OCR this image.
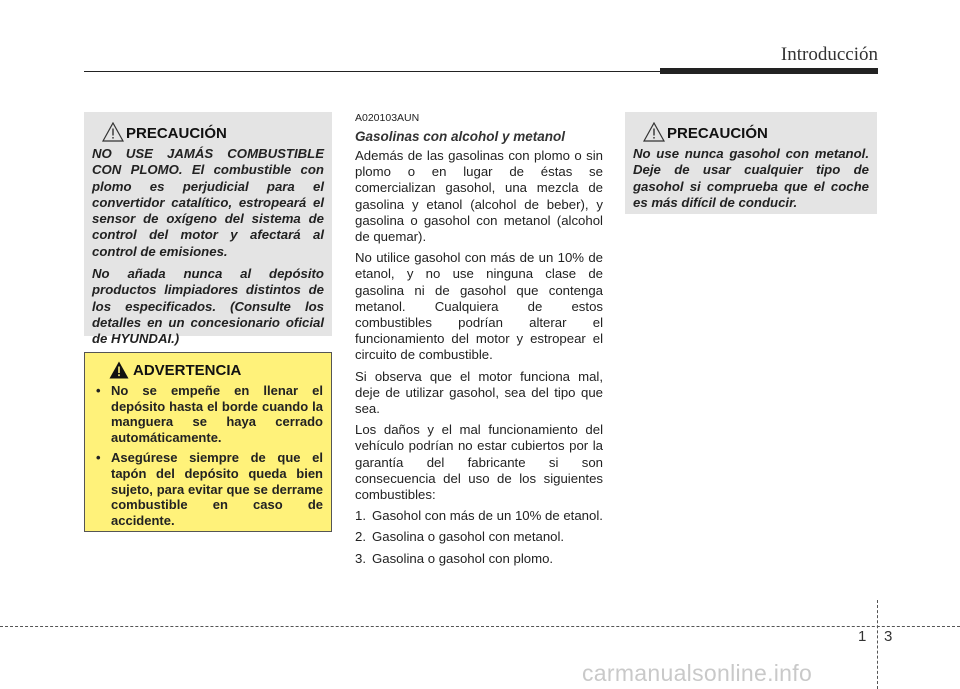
Introducción
PRECAUCIÓN

NO USE JAMÁS COMBUSTIBLE CON PLOMO. El combustible con plomo es perjudicial para el convertidor catalítico, estropeará el sensor de oxígeno del sistema de control del motor y afectará al control de emisiones.

No añada nunca al depósito productos limpiadores distintos de los especificados. (Consulte los detalles en un concesionario oficial de HYUNDAI.)

ADVERTENCIA
• No se empeñe en llenar el depósito hasta el borde cuando la manguera se haya cerrado automáticamente.
• Asegúrese siempre de que el tapón del depósito queda bien sujeto, para evitar que se derrame combustible en caso de accidente.
A020103AUN
Gasolinas con alcohol y metanol

Además de las gasolinas con plomo o sin plomo o en lugar de éstas se comercializan gasohol, una mezcla de gasolina y etanol (alcohol de beber), y gasolina o gasohol con metanol (alcohol de quemar).

No utilice gasohol con más de un 10% de etanol, y no use ninguna clase de gasolina ni de gasohol que contenga metanol. Cualquiera de estos combustibles podrían alterar el funcionamiento del motor y estropear el circuito de combustible.

Si observa que el motor funciona mal, deje de utilizar gasohol, sea del tipo que sea.

Los daños y el mal funcionamiento del vehículo podrían no estar cubiertos por la garantía del fabricante si son consecuencia del uso de los siguientes combustibles:

1. Gasohol con más de un 10% de etanol.
2. Gasolina o gasohol con metanol.
3. Gasolina o gasohol con plomo.
PRECAUCIÓN

No use nunca gasohol con metanol. Deje de usar cualquier tipo de gasohol si comprueba que el coche es más difícil de conducir.

1 3
carmanualsonline.info
